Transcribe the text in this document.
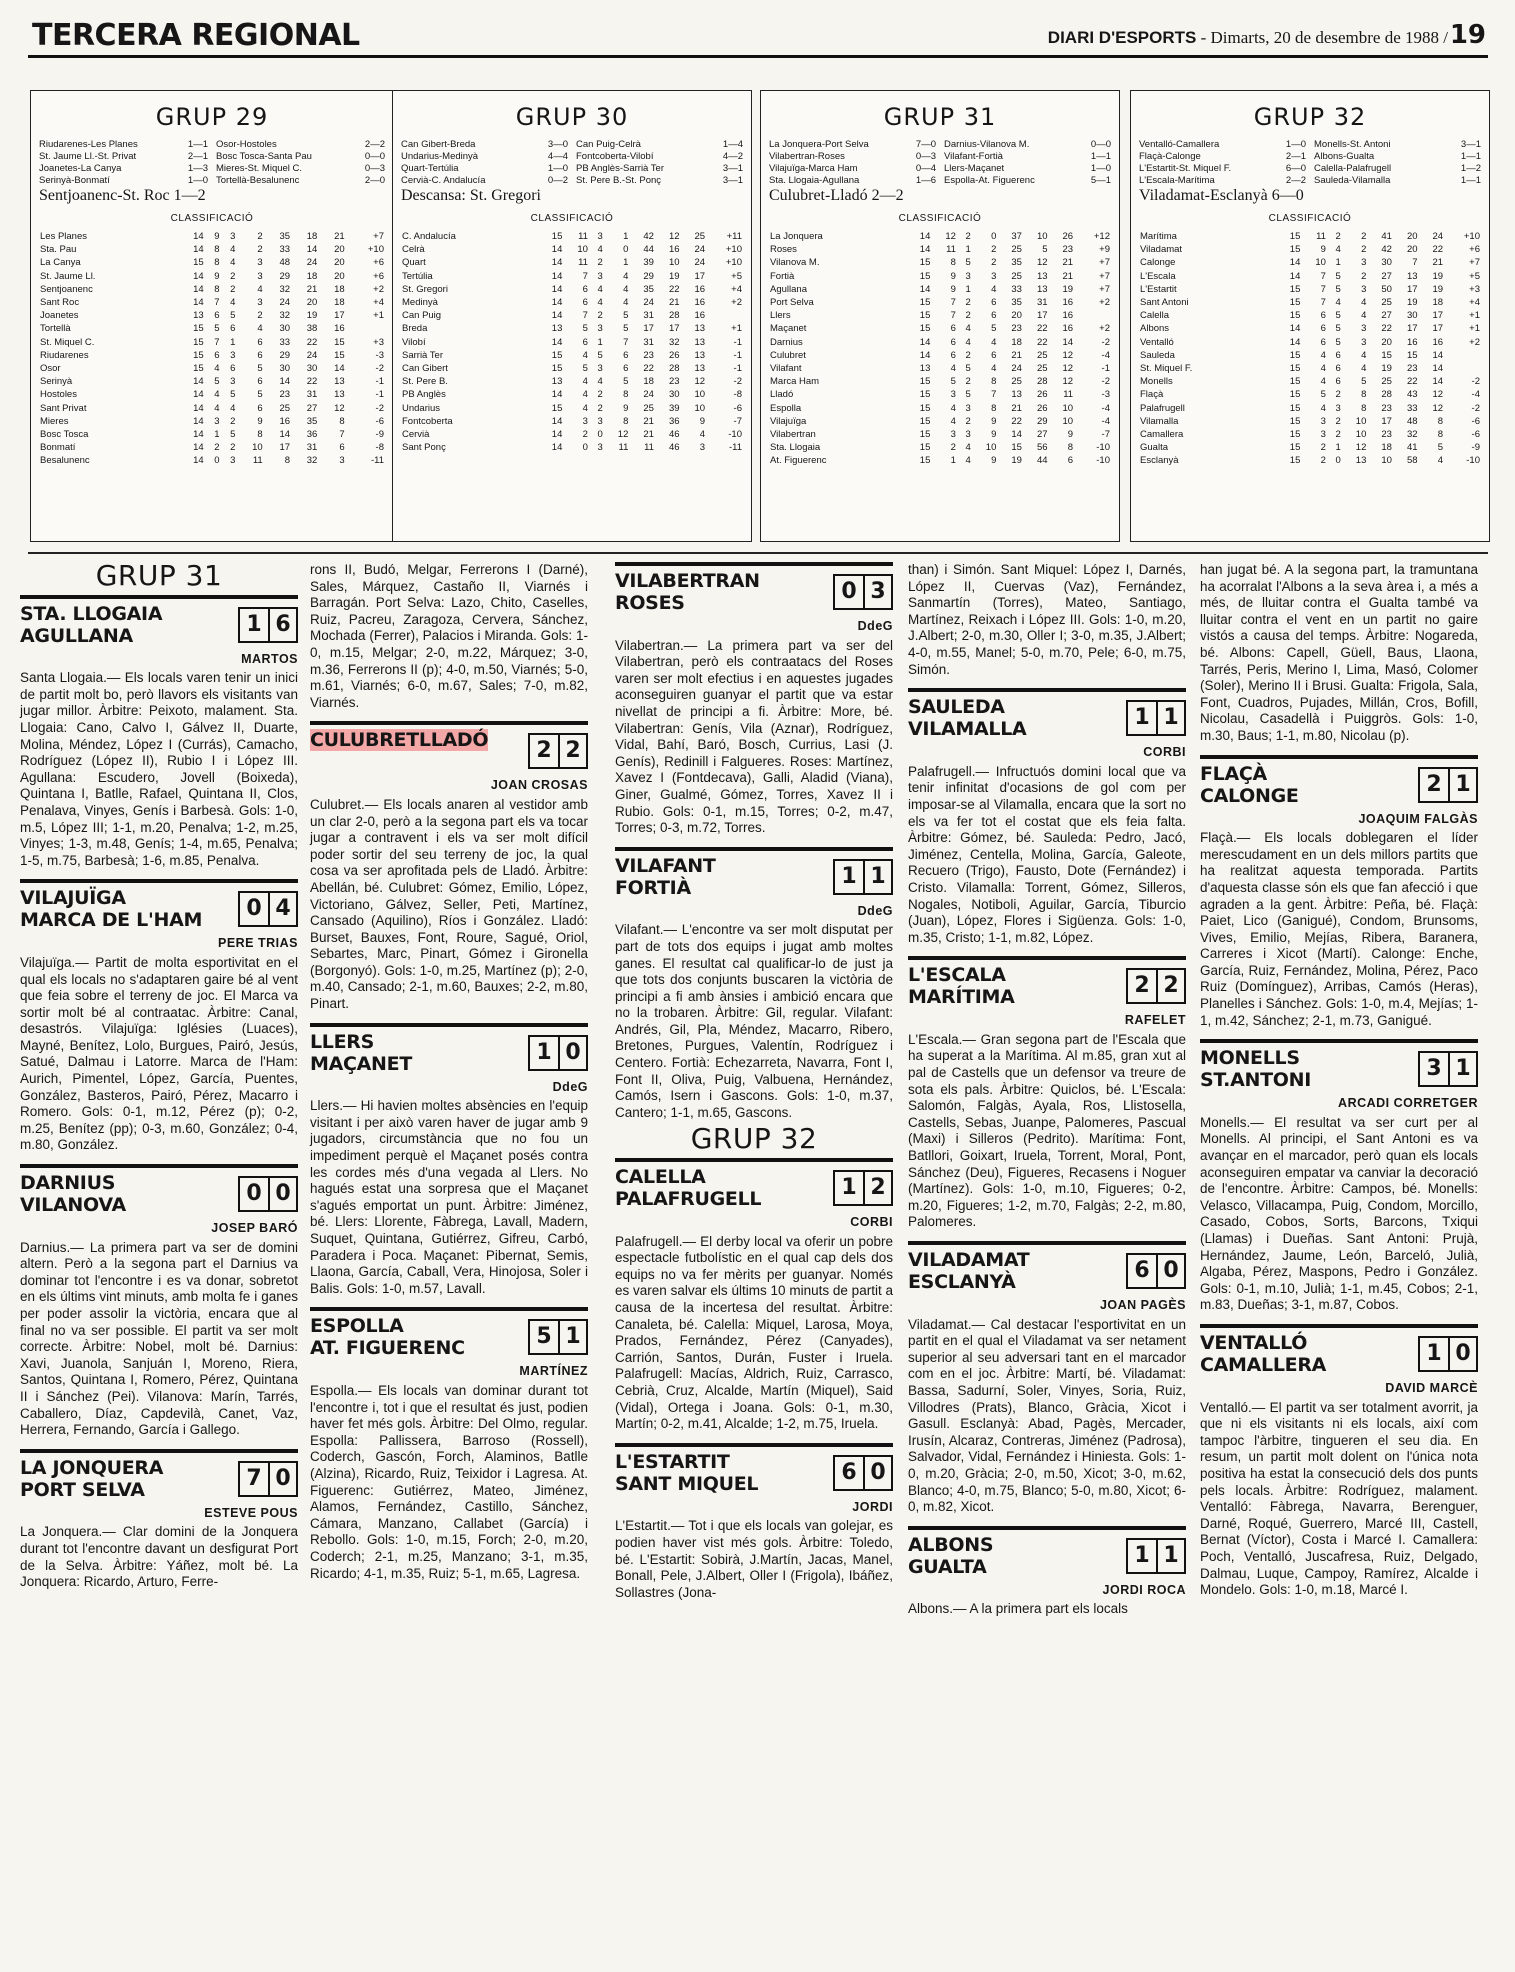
TERCERA REGIONAL	DIARI D'ESPORTS - Dimarts, 20 de desembre de 1988 / 19
GRUP 29
Riudarenes-Les Planes	1—1
St. Jaume Ll.-St. Privat	2—1
Joanetes-La Canya	1—3
Serinyà-Bonmatí	1—0
Osor-Hostoles	2—2
Bosc Tosca-Santa Pau	0—0
Mieres-St. Miquel C.	0—3
Tortellà-Besalunenc	2—0
Sentjoanenc-St. Roc 1—2
CLASSIFICACIÓ
Les Planes	14	9	3	2	35	18	21	+7
Sta. Pau	14	8	4	2	33	14	20	+10
La Canya	15	8	4	3	48	24	20	+6
St. Jaume Ll.	14	9	2	3	29	18	20	+6
Sentjoanenc	14	8	2	4	32	21	18	+2
Sant Roc	14	7	4	3	24	20	18	+4
Joanetes	13	6	5	2	32	19	17	+1
Tortellà	15	5	6	4	30	38	16	
St. Miquel C.	15	7	1	6	33	22	15	+3
Riudarenes	15	6	3	6	29	24	15	-3
Osor	15	4	6	5	30	30	14	-2
Serinyà	14	5	3	6	14	22	13	-1
Hostoles	14	4	5	5	23	31	13	-1
Sant Privat	14	4	4	6	25	27	12	-2
Mieres	14	3	2	9	16	35	8	-6
Bosc Tosca	14	1	5	8	14	36	7	-9
Bonmatí	14	2	2	10	17	31	6	-8
Besalunenc	14	0	3	11	8	32	3	-11
GRUP 30
Can Gibert-Breda	3—0
Undarius-Medinyà	4—4
Quart-Tertúlia	1—0
Cervià-C. Andalucía	0—2
Can Puig-Celrà	1—4
Fontcoberta-Vilobí	4—2
PB Anglès-Sarrià Ter	3—1
St. Pere B.-St. Ponç	3—1
Descansa: St. Gregori
CLASSIFICACIÓ
C. Andalucía	15	11	3	1	42	12	25	+11
Celrà	14	10	4	0	44	16	24	+10
Quart	14	11	2	1	39	10	24	+10
Tertúlia	14	7	3	4	29	19	17	+5
St. Gregori	14	6	4	4	35	22	16	+4
Medinyà	14	6	4	4	24	21	16	+2
Can Puig	14	7	2	5	31	28	16	
Breda	13	5	3	5	17	17	13	+1
Vilobí	14	6	1	7	31	32	13	-1
Sarrià Ter	15	4	5	6	23	26	13	-1
Can Gibert	15	5	3	6	22	28	13	-1
St. Pere B.	13	4	4	5	18	23	12	-2
PB Anglès	14	4	2	8	24	30	10	-8
Undarius	15	4	2	9	25	39	10	-6
Fontcoberta	14	3	3	8	21	36	9	-7
Cervià	14	2	0	12	21	46	4	-10
Sant Ponç	14	0	3	11	11	46	3	-11
GRUP 31
La Jonquera-Port Selva	7—0
Vilabertran-Roses	0—3
Vilajuïga-Marca Ham	0—4
Sta. Llogaia-Agullana	1—6
Darnius-Vilanova M.	0—0
Vilafant-Fortià	1—1
Llers-Maçanet	1—0
Espolla-At. Figuerenc	5—1
Culubret-Lladó 2—2
CLASSIFICACIÓ
La Jonquera	14	12	2	0	37	10	26	+12
Roses	14	11	1	2	25	5	23	+9
Vilanova M.	15	8	5	2	35	12	21	+7
Fortià	15	9	3	3	25	13	21	+7
Agullana	14	9	1	4	33	13	19	+7
Port Selva	15	7	2	6	35	31	16	+2
Llers	15	7	2	6	20	17	16	
Maçanet	15	6	4	5	23	22	16	+2
Darnius	14	6	4	4	18	22	14	-2
Culubret	14	6	2	6	21	25	12	-4
Vilafant	13	4	5	4	24	25	12	-1
Marca Ham	15	5	2	8	25	28	12	-2
Lladó	15	3	5	7	13	26	11	-3
Espolla	15	4	3	8	21	26	10	-4
Vilajuïga	15	4	2	9	22	29	10	-4
Vilabertran	15	3	3	9	14	27	9	-7
Sta. Llogaia	15	2	4	10	15	56	8	-10
At. Figuerenc	15	1	4	9	19	44	6	-10
GRUP 32
Ventalló-Camallera	1—0
Flaçà-Calonge	2—1
L'Estartit-St. Miquel F.	6—0
L'Escala-Marítima	2—2
Monells-St. Antoni	3—1
Albons-Gualta	1—1
Calella-Palafrugell	1—2
Sauleda-Vilamalla	1—1
Viladamat-Esclanyà 6—0
CLASSIFICACIÓ
Marítima	15	11	2	2	41	20	24	+10
Viladamat	15	9	4	2	42	20	22	+6
Calonge	14	10	1	3	30	7	21	+7
L'Escala	14	7	5	2	27	13	19	+5
L'Estartit	15	7	5	3	50	17	19	+3
Sant Antoni	15	7	4	4	25	19	18	+4
Calella	15	6	5	4	27	30	17	+1
Albons	14	6	5	3	22	17	17	+1
Ventalló	14	6	5	3	20	16	16	+2
Sauleda	15	4	6	4	15	15	14	
St. Miquel F.	15	4	6	4	19	23	14	
Monells	15	4	6	5	25	22	14	-2
Flaçà	15	5	2	8	28	43	12	-4
Palafrugell	15	4	3	8	23	33	12	-2
Vilamalla	15	3	2	10	17	48	8	-6
Camallera	15	3	2	10	23	32	8	-6
Gualta	15	2	1	12	18	41	5	-9
Esclanyà	15	2	0	13	10	58	4	-10
GRUP 31
STA. LLOGAIA
AGULLANA	1 6
MARTOS
Santa Llogaia.— Els locals varen tenir un inici de partit molt bo, però llavors els visitants van jugar millor. Àrbitre: Peixoto, malament. Sta. Llogaia: Cano, Calvo I, Gálvez II, Duarte, Molina, Méndez, López I (Currás), Camacho, Rodríguez (López II), Rubio I i López III. Agullana: Escudero, Jovell (Boixeda), Quintana I, Batlle, Rafael, Quintana II, Clos, Penalava, Vinyes, Genís i Barbesà. Gols: 1-0, m.5, López III; 1-1, m.20, Penalva; 1-2, m.25, Vinyes; 1-3, m.48, Genís; 1-4, m.65, Penalva; 1-5, m.75, Barbesà; 1-6, m.85, Penalva.
VILAJUÏGA
MARCA DE L'HAM	0 4
PERE TRIAS
Vilajuïga.— Partit de molta esportivitat en el qual els locals no s'adaptaren gaire bé al vent que feia sobre el terreny de joc. El Marca va sortir molt bé al contraatac. Àrbitre: Canal, desastrós. Vilajuïga: Iglésies (Luaces), Mayné, Benítez, Lolo, Burgues, Pairó, Jesús, Satué, Dalmau i Latorre. Marca de l'Ham: Aurich, Pimentel, López, García, Puentes, González, Basteros, Pairó, Pérez, Macarro i Romero. Gols: 0-1, m.12, Pérez (p); 0-2, m.25, Benítez (pp); 0-3, m.60, González; 0-4, m.80, González.
DARNIUS
VILANOVA	0 0
JOSEP BARÓ
Darnius.— La primera part va ser de domini altern. Però a la segona part el Darnius va dominar tot l'encontre i es va donar, sobretot en els últims vint minuts, amb molta fe i ganes per poder assolir la victòria, encara que al final no va ser possible. El partit va ser molt correcte. Àrbitre: Nobel, molt bé. Darnius: Xavi, Juanola, Sanjuán I, Moreno, Riera, Santos, Quintana I, Romero, Pérez, Quintana II i Sánchez (Pei). Vilanova: Marín, Tarrés, Caballero, Díaz, Capdevilà, Canet, Vaz, Herrera, Fernando, García i Gallego.
LA JONQUERA
PORT SELVA	7 0
ESTEVE POUS
La Jonquera.— Clar domini de la Jonquera durant tot l'encontre davant un desfigurat Port de la Selva. Àrbitre: Yáñez, molt bé. La Jonquera: Ricardo, Arturo, Ferre-
rons II, Budó, Melgar, Ferrerons I (Darné), Sales, Márquez, Castaño II, Viarnés i Barragán. Port Selva: Lazo, Chito, Caselles, Ruiz, Pacreu, Zaragoza, Cervera, Sánchez, Mochada (Ferrer), Palacios i Miranda. Gols: 1-0, m.15, Melgar; 2-0, m.22, Márquez; 3-0, m.36, Ferrerons II (p); 4-0, m.50, Viarnés; 5-0, m.61, Viarnés; 6-0, m.67, Sales; 7-0, m.82, Viarnés.
CULUBRETLLADÓ	2 2
JOAN CROSAS
Culubret.— Els locals anaren al vestidor amb un clar 2-0, però a la segona part els va tocar jugar a contravent i els va ser molt difícil poder sortir del seu terreny de joc, la qual cosa va ser aprofitada pels de Lladó. Àrbitre: Abellán, bé. Culubret: Gómez, Emilio, López, Victoriano, Gálvez, Seller, Peti, Martínez, Cansado (Aquilino), Ríos i González. Lladó: Burset, Bauxes, Font, Roure, Sagué, Oriol, Sebartes, Marc, Pinart, Gómez i Gironella (Borgonyó). Gols: 1-0, m.25, Martínez (p); 2-0, m.40, Cansado; 2-1, m.60, Bauxes; 2-2, m.80, Pinart.
LLERS
MAÇANET	1 0
DdeG
Llers.— Hi havien moltes absències en l'equip visitant i per això varen haver de jugar amb 9 jugadors, circumstància que no fou un impediment perquè el Maçanet posés contra les cordes més d'una vegada al Llers. No hagués estat una sorpresa que el Maçanet s'agués emportat un punt. Àrbitre: Jiménez, bé. Llers: Llorente, Fàbrega, Lavall, Madern, Suquet, Quintana, Gutiérrez, Gifreu, Carbó, Paradera i Poca. Maçanet: Pibernat, Semis, Llaona, García, Caball, Vera, Hinojosa, Soler i Balis. Gols: 1-0, m.57, Lavall.
ESPOLLA
AT. FIGUERENC	5 1
MARTÍNEZ
Espolla.— Els locals van dominar durant tot l'encontre i, tot i que el resultat és just, podien haver fet més gols. Àrbitre: Del Olmo, regular. Espolla: Pallissera, Barroso (Rossell), Coderch, Gascón, Forch, Alaminos, Batlle (Alzina), Ricardo, Ruiz, Teixidor i Lagresa. At. Figuerenc: Gutiérrez, Mateo, Jiménez, Alamos, Fernández, Castillo, Sánchez, Cámara, Manzano, Callabet (García) i Rebollo. Gols: 1-0, m.15, Forch; 2-0, m.20, Coderch; 2-1, m.25, Manzano; 3-1, m.35, Ricardo; 4-1, m.35, Ruiz; 5-1, m.65, Lagresa.
VILABERTRAN
ROSES	0 3
DdeG
Vilabertran.— La primera part va ser del Vilabertran, però els contraatacs del Roses varen ser molt efectius i en aquestes jugades aconseguiren guanyar el partit que va estar nivellat de principi a fi. Àrbitre: More, bé. Vilabertran: Genís, Vila (Aznar), Rodríguez, Vidal, Bahí, Baró, Bosch, Currius, Lasi (J. Genís), Redinill i Falgueres. Roses: Martínez, Xavez I (Fontdecava), Galli, Aladid (Viana), Giner, Gualmé, Gómez, Torres, Xavez II i Rubio. Gols: 0-1, m.15, Torres; 0-2, m.47, Torres; 0-3, m.72, Torres.
VILAFANT
FORTIÀ	1 1
DdeG
Vilafant.— L'encontre va ser molt disputat per part de tots dos equips i jugat amb moltes ganes. El resultat cal qualificar-lo de just ja que tots dos conjunts buscaren la victòria de principi a fi amb ànsies i ambició encara que no la trobaren. Àrbitre: Gil, regular. Vilafant: Andrés, Gil, Pla, Méndez, Macarro, Ribero, Bretones, Purgues, Valentín, Rodríguez i Centero. Fortià: Echezarreta, Navarra, Font I, Font II, Oliva, Puig, Valbuena, Hernández, Camós, Isern i Gascons. Gols: 1-0, m.37, Cantero; 1-1, m.65, Gascons.
GRUP 32
CALELLA
PALAFRUGELL	1 2
CORBI
Palafrugell.— El derby local va oferir un pobre espectacle futbolístic en el qual cap dels dos equips no va fer mèrits per guanyar. Només es varen salvar els últims 10 minuts de partit a causa de la incertesa del resultat. Àrbitre: Canaleta, bé. Calella: Miquel, Larosa, Moya, Prados, Fernández, Pérez (Canyades), Carrión, Santos, Durán, Fuster i Iruela. Palafrugell: Macías, Aldrich, Ruiz, Carrasco, Cebrià, Cruz, Alcalde, Martín (Miquel), Said (Vidal), Ortega i Joana. Gols: 0-1, m.30, Martín; 0-2, m.41, Alcalde; 1-2, m.75, Iruela.
L'ESTARTIT
SANT MIQUEL	6 0
JORDI
L'Estartit.— Tot i que els locals van golejar, es podien haver vist més gols. Àrbitre: Toledo, bé. L'Estartit: Sobirà, J.Martín, Jacas, Manel, Bonall, Pele, J.Albert, Oller I (Frigola), Ibáñez, Sollastres (Jona-
than) i Simón. Sant Miquel: López I, Darnés, López II, Cuervas (Vaz), Fernández, Sanmartín (Torres), Mateo, Santiago, Martínez, Reixach i López III. Gols: 1-0, m.20, J.Albert; 2-0, m.30, Oller I; 3-0, m.35, J.Albert; 4-0, m.55, Manel; 5-0, m.70, Pele; 6-0, m.75, Simón.
SAULEDA
VILAMALLA	1 1
CORBI
Palafrugell.— Infructuós domini local que va tenir infinitat d'ocasions de gol com per imposar-se al Vilamalla, encara que la sort no els va fer tot el costat que els feia falta. Àrbitre: Gómez, bé. Sauleda: Pedro, Jacó, Jiménez, Centella, Molina, García, Galeote, Recuero (Trigo), Fausto, Dote (Fernández) i Cristo. Vilamalla: Torrent, Gómez, Silleros, Nogales, Notiboli, Aguilar, García, Tiburcio (Juan), López, Flores i Sigüenza. Gols: 1-0, m.35, Cristo; 1-1, m.82, López.
L'ESCALA
MARÍTIMA	2 2
RAFELET
L'Escala.— Gran segona part de l'Escala que ha superat a la Marítima. Al m.85, gran xut al pal de Castells que un defensor va treure de sota els pals. Àrbitre: Quiclos, bé. L'Escala: Salomón, Falgàs, Ayala, Ros, Llistosella, Castells, Sebas, Juanpe, Palomeres, Pascual (Maxi) i Silleros (Pedrito). Marítima: Font, Batllori, Goixart, Iruela, Torrent, Moral, Pont, Sánchez (Deu), Figueres, Recasens i Noguer (Martínez). Gols: 1-0, m.10, Figueres; 0-2, m.20, Figueres; 1-2, m.70, Falgàs; 2-2, m.80, Palomeres.
VILADAMAT
ESCLANYÀ	6 0
JOAN PAGÈS
Viladamat.— Cal destacar l'esportivitat en un partit en el qual el Viladamat va ser netament superior al seu adversari tant en el marcador com en el joc. Àrbitre: Martí, bé. Viladamat: Bassa, Sadurní, Soler, Vinyes, Soria, Ruiz, Villodres (Prats), Blanco, Gràcia, Xicot i Gasull. Esclanyà: Abad, Pagès, Mercader, Irusín, Alcaraz, Contreras, Jiménez (Padrosa), Salvador, Vidal, Fernández i Hiniesta. Gols: 1-0, m.20, Gràcia; 2-0, m.50, Xicot; 3-0, m.62, Blanco; 4-0, m.75, Blanco; 5-0, m.80, Xicot; 6-0, m.82, Xicot.
ALBONS
GUALTA	1 1
JORDI ROCA
Albons.— A la primera part els locals
han jugat bé. A la segona part, la tramuntana ha acorralat l'Albons a la seva àrea i, a més a més, de lluitar contra el Gualta també va lluitar contra el vent en un partit no gaire vistós a causa del temps. Àrbitre: Nogareda, bé. Albons: Capell, Güell, Baus, Llaona, Tarrés, Peris, Merino I, Lima, Masó, Colomer (Soler), Merino II i Brusi. Gualta: Frigola, Sala, Font, Cuadros, Pujades, Millán, Cros, Bofill, Nicolau, Casadellà i Puiggròs. Gols: 1-0, m.30, Baus; 1-1, m.80, Nicolau (p).
FLAÇÀ
CALONGE	2 1
JOAQUIM FALGÀS
Flaçà.— Els locals doblegaren el líder merescudament en un dels millors partits que ha realitzat aquesta temporada. Partits d'aquesta classe són els que fan afecció i que agraden a la gent. Àrbitre: Peña, bé. Flaçà: Paiet, Lico (Ganigué), Condom, Brunsoms, Vives, Emilio, Mejías, Ribera, Baranera, Carreres i Xicot (Martí). Calonge: Enche, García, Ruiz, Fernández, Molina, Pérez, Paco Ruiz (Domínguez), Arribas, Camós (Heras), Planelles i Sánchez. Gols: 1-0, m.4, Mejías; 1-1, m.42, Sánchez; 2-1, m.73, Ganigué.
MONELLS
ST.ANTONI	3 1
ARCADI CORRETGER
Monells.— El resultat va ser curt per al Monells. Al principi, el Sant Antoni es va avançar en el marcador, però quan els locals aconseguiren empatar va canviar la decoració de l'encontre. Àrbitre: Campos, bé. Monells: Velasco, Villacampa, Puig, Condom, Morcillo, Casado, Cobos, Sorts, Barcons, Txiqui (Llamas) i Dueñas. Sant Antoni: Prujà, Hernández, Jaume, León, Barceló, Julià, Algaba, Pérez, Maspons, Pedro i González. Gols: 0-1, m.10, Julià; 1-1, m.45, Cobos; 2-1, m.83, Dueñas; 3-1, m.87, Cobos.
VENTALLÓ
CAMALLERA	1 0
DAVID MARCÈ
Ventalló.— El partit va ser totalment avorrit, ja que ni els visitants ni els locals, així com tampoc l'àrbitre, tingueren el seu dia. En resum, un partit molt dolent on l'única nota positiva ha estat la consecució dels dos punts pels locals. Àrbitre: Rodríguez, malament. Ventalló: Fàbrega, Navarra, Berenguer, Darné, Roqué, Guerrero, Marcé III, Castell, Bernat (Víctor), Costa i Marcé I. Camallera: Poch, Ventalló, Juscafresa, Ruiz, Delgado, Dalmau, Luque, Campoy, Ramírez, Alcalde i Mondelo. Gols: 1-0, m.18, Marcé I.
